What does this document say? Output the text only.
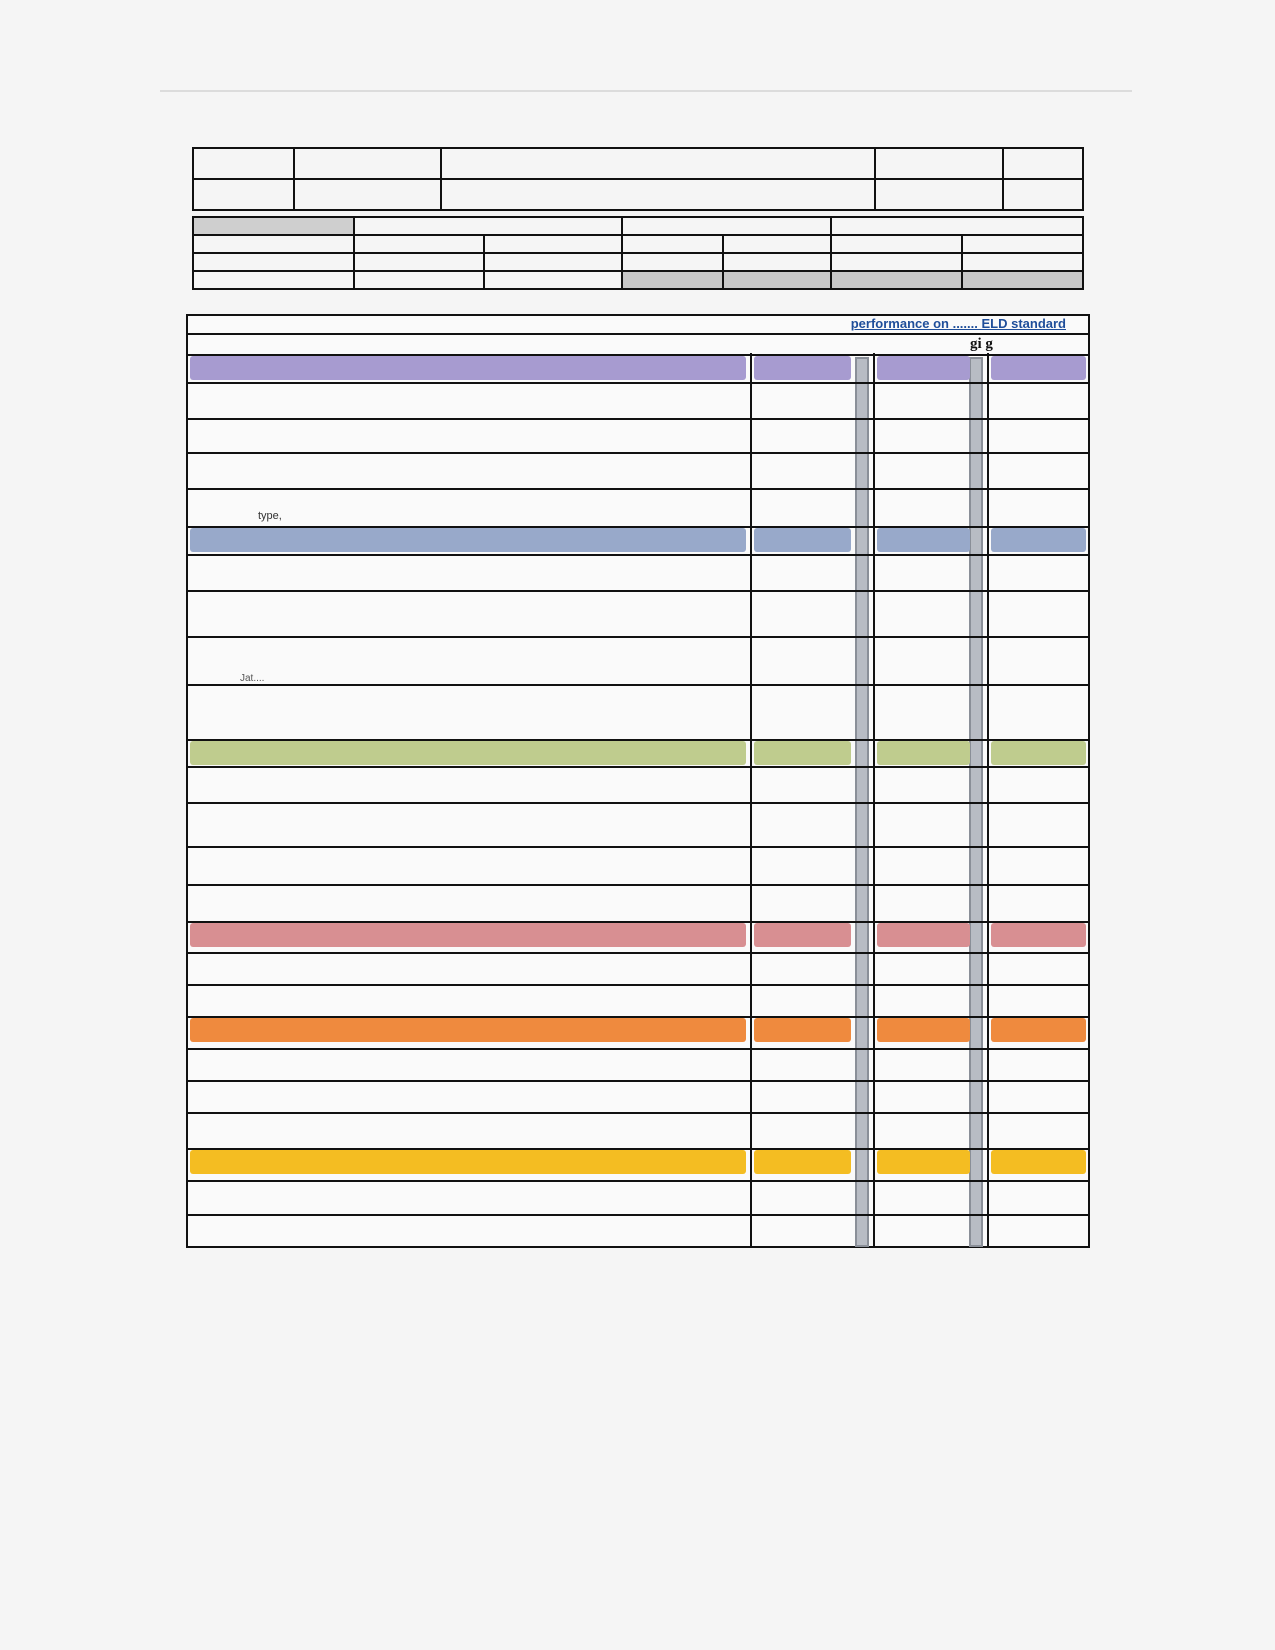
performance on ....... ELD standard
gi g
type,
Jat....
